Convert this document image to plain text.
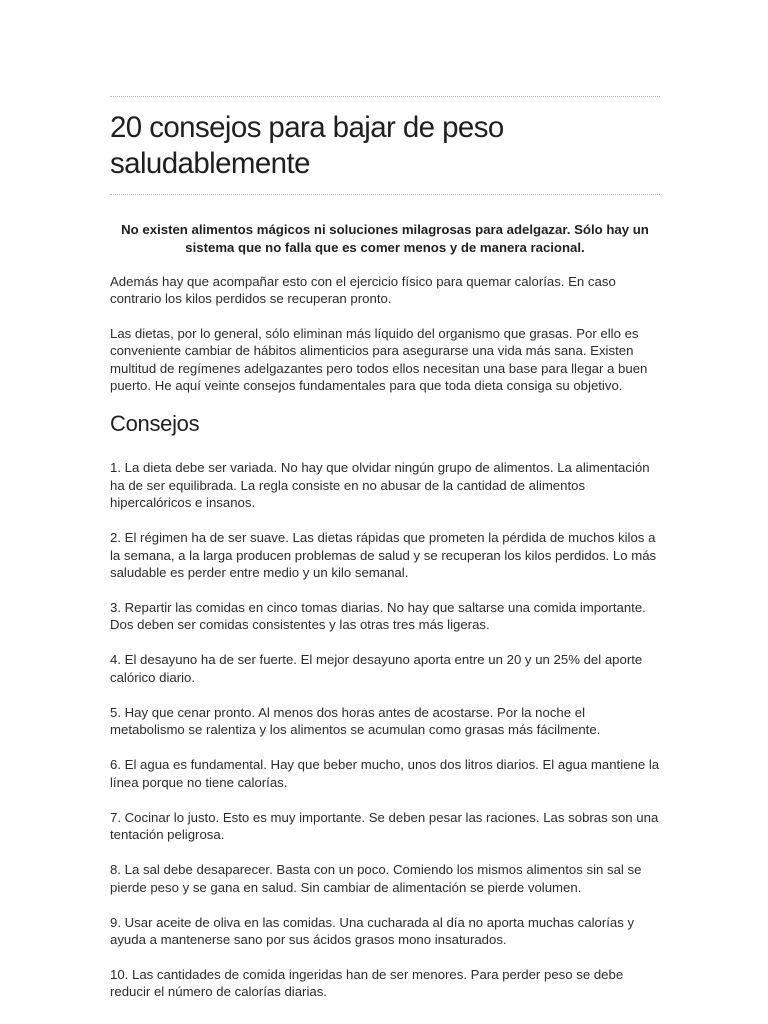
20 consejos para bajar de peso saludablemente

No existen alimentos mágicos ni soluciones milagrosas para adelgazar. Sólo hay un sistema que no falla que es comer menos y de manera racional.

Además hay que acompañar esto con el ejercicio físico para quemar calorías. En caso contrario los kilos perdidos se recuperan pronto.

Las dietas, por lo general, sólo eliminan más líquido del organismo que grasas. Por ello es conveniente cambiar de hábitos alimenticios para asegurarse una vida más sana. Existen multitud de regímenes adelgazantes pero todos ellos necesitan una base para llegar a buen puerto. He aquí veinte consejos fundamentales para que toda dieta consiga su objetivo.

Consejos
1. La dieta debe ser variada. No hay que olvidar ningún grupo de alimentos. La alimentación ha de ser equilibrada. La regla consiste en no abusar de la cantidad de alimentos hipercalóricos e insanos.
2. El régimen ha de ser suave. Las dietas rápidas que prometen la pérdida de muchos kilos a la semana, a la larga producen problemas de salud y se recuperan los kilos perdidos. Lo más saludable es perder entre medio y un kilo semanal.
3. Repartir las comidas en cinco tomas diarias. No hay que saltarse una comida importante. Dos deben ser comidas consistentes y las otras tres más ligeras.
4. El desayuno ha de ser fuerte. El mejor desayuno aporta entre un 20 y un 25% del aporte calórico diario.
5. Hay que cenar pronto. Al menos dos horas antes de acostarse. Por la noche el metabolismo se ralentiza y los alimentos se acumulan como grasas más fácilmente.
6. El agua es fundamental. Hay que beber mucho, unos dos litros diarios. El agua mantiene la línea porque no tiene calorías.
7. Cocinar lo justo. Esto es muy importante. Se deben pesar las raciones. Las sobras son una tentación peligrosa.
8. La sal debe desaparecer. Basta con un poco. Comiendo los mismos alimentos sin sal se pierde peso y se gana en salud. Sin cambiar de alimentación se pierde volumen.
9. Usar aceite de oliva en las comidas. Una cucharada al día no aporta muchas calorías y ayuda a mantenerse sano por sus ácidos grasos mono insaturados.
10. Las cantidades de comida ingeridas han de ser menores. Para perder peso se debe reducir el número de calorías diarias.
